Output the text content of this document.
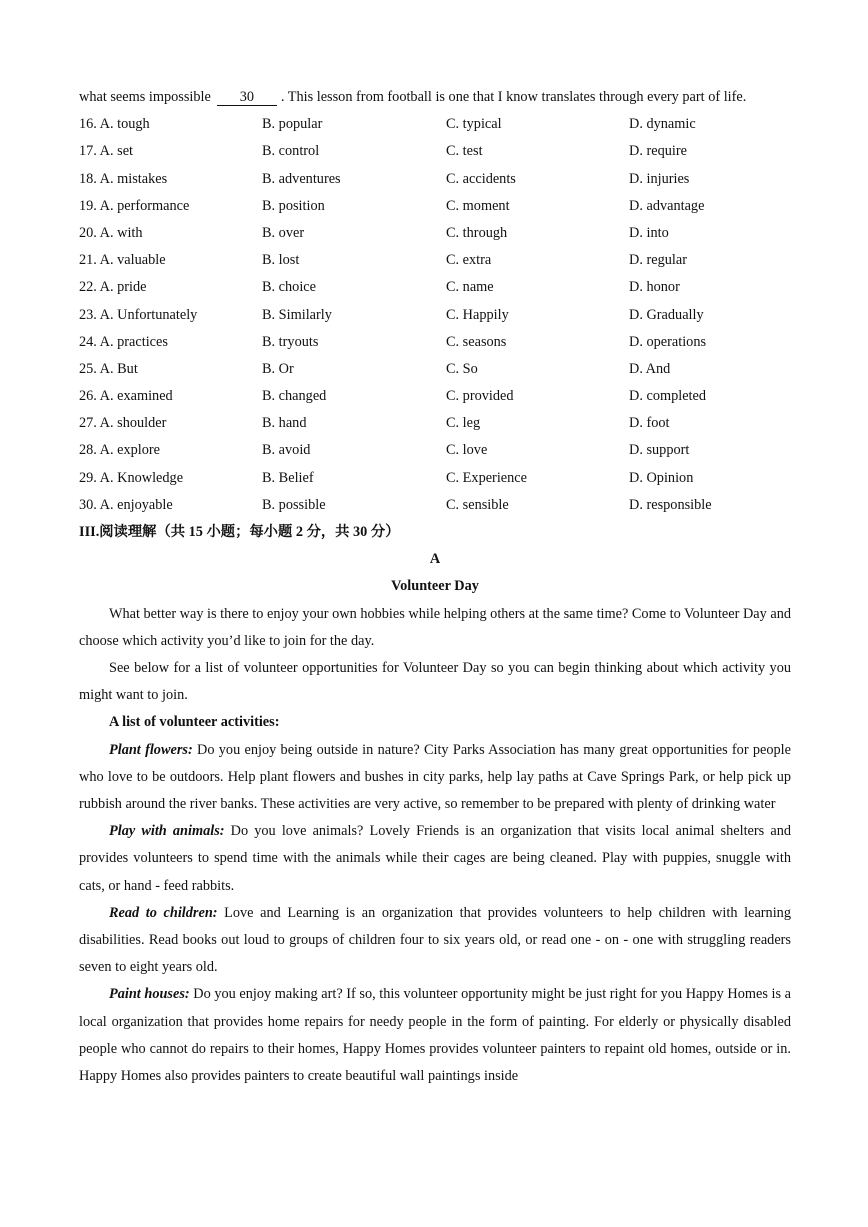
what seems impossible 30 . This lesson from football is one that I know translates through every part of life.
16. A. tough	B. popular	C. typical	D. dynamic
17. A. set	B. control	C. test	D. require
18. A. mistakes	B. adventures	C. accidents	D. injuries
19. A. performance	B. position	C. moment	D. advantage
20. A. with	B. over	C. through	D. into
21. A. valuable	B. lost	C. extra	D. regular
22. A. pride	B. choice	C. name	D. honor
23. A. Unfortunately	B. Similarly	C. Happily	D. Gradually
24. A. practices	B. tryouts	C. seasons	D. operations
25. A. But	B. Or	C. So	D. And
26. A. examined	B. changed	C. provided	D. completed
27. A. shoulder	B. hand	C. leg	D. foot
28. A. explore	B. avoid	C. love	D. support
29. A. Knowledge	B. Belief	C. Experience	D. Opinion
30. A. enjoyable	B. possible	C. sensible	D. responsible
III.阅读理解（共 15 小题；每小题 2 分，共 30 分）
A
Volunteer Day

What better way is there to enjoy your own hobbies while helping others at the same time? Come to Volunteer Day and choose which activity you’d like to join for the day.

See below for a list of volunteer opportunities for Volunteer Day so you can begin thinking about which activity you might want to join.

A list of volunteer activities:

Plant flowers: Do you enjoy being outside in nature? City Parks Association has many great opportunities for people who love to be outdoors. Help plant flowers and bushes in city parks, help lay paths at Cave Springs Park, or help pick up rubbish around the river banks. These activities are very active, so remember to be prepared with plenty of drinking water

Play with animals: Do you love animals? Lovely Friends is an organization that visits local animal shelters and provides volunteers to spend time with the animals while their cages are being cleaned. Play with puppies, snuggle with cats, or hand - feed rabbits.

Read to children: Love and Learning is an organization that provides volunteers to help children with learning disabilities. Read books out loud to groups of children four to six years old, or read one - on - one with struggling readers seven to eight years old.

Paint houses: Do you enjoy making art? If so, this volunteer opportunity might be just right for you Happy Homes is a local organization that provides home repairs for needy people in the form of painting. For elderly or physically disabled people who cannot do repairs to their homes, Happy Homes provides volunteer painters to repaint old homes, outside or in. Happy Homes also provides painters to create beautiful wall paintings inside
